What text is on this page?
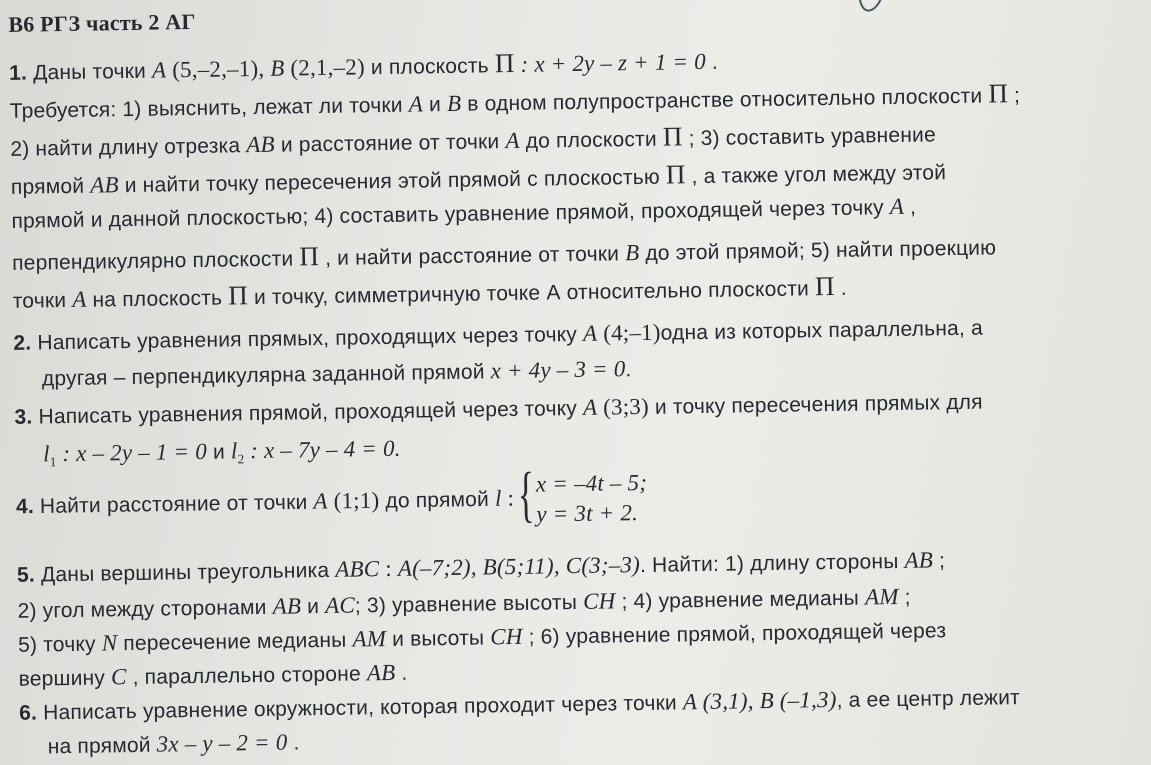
В6 РГЗ часть 2 АГ
1. Даны точки A (5,–2,–1), B (2,1,–2) и плоскость П : x + 2y – z + 1 = 0 .
Требуется: 1) выяснить, лежат ли точки A и B в одном полупространстве относительно плоскости П ;
2) найти длину отрезка AB и расстояние от точки A до плоскости П ; 3) составить уравнение
прямой AB и найти точку пересечения этой прямой с плоскостью П , а также угол между этой
прямой и данной плоскостью; 4) составить уравнение прямой, проходящей через точку A ,
перпендикулярно плоскости П , и найти расстояние от точки B до этой прямой; 5) найти проекцию
точки A на плоскость П и точку, симметричную точке А относительно плоскости П .
2. Написать уравнения прямых, проходящих через точку A (4;–1)одна из которых параллельна, а
другая – перпендикулярна заданной прямой x + 4y – 3 = 0.
3. Написать уравнения прямой, проходящей через точку A (3;3) и точку пересечения прямых для
$l_1$ : x – 2y – 1 = 0 и $l_2$ : x – 7y – 4 = 0.
4. Найти расстояние от точки A (1;1) до прямой l : { x = –4t – 5;
y = 3t + 2.
5. Даны вершины треугольника ABC : A(–7;2), B(5;11), C(3;–3). Найти: 1) длину стороны AB ;
2) угол между сторонами AB и AC; 3) уравнение высоты CH ; 4) уравнение медианы AM ;
5) точку N пересечение медианы AM и высоты CH ; 6) уравнение прямой, проходящей через
вершину C , параллельно стороне AB .
6. Написать уравнение окружности, которая проходит через точки A (3,1), B (–1,3), а ее центр лежит
на прямой 3x – y – 2 = 0 .
